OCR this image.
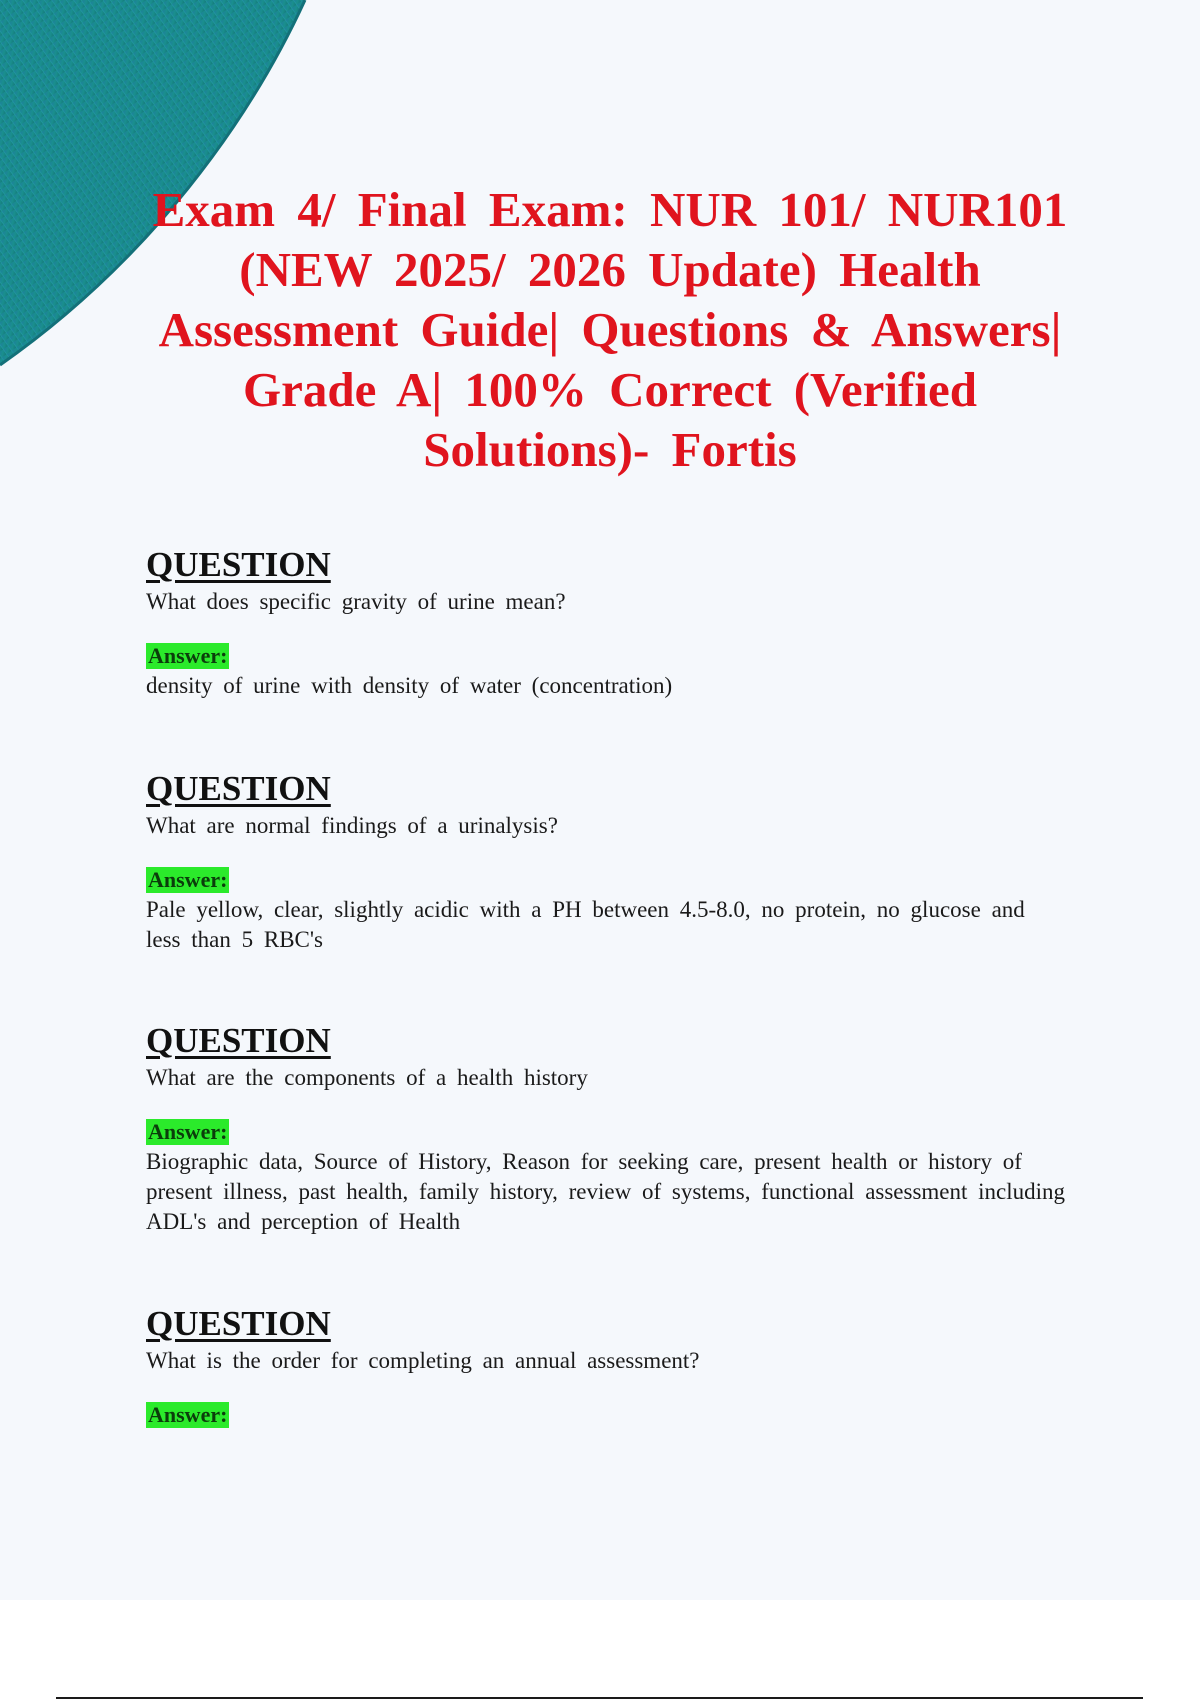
Exam 4/ Final Exam: NUR 101/ NUR101 (NEW 2025/ 2026 Update) Health Assessment Guide| Questions & Answers| Grade A| 100% Correct (Verified Solutions)- Fortis

QUESTION

What does specific gravity of urine mean?

Answer:

density of urine with density of water (concentration)

QUESTION

What are normal findings of a urinalysis?

Answer:

Pale yellow, clear, slightly acidic with a PH between 4.5-8.0, no protein, no glucose and less than 5 RBC's

QUESTION

What are the components of a health history

Answer:

Biographic data, Source of History, Reason for seeking care, present health or history of present illness, past health, family history, review of systems, functional assessment including ADL's and perception of Health

QUESTION

What is the order for completing an annual assessment?

Answer:
